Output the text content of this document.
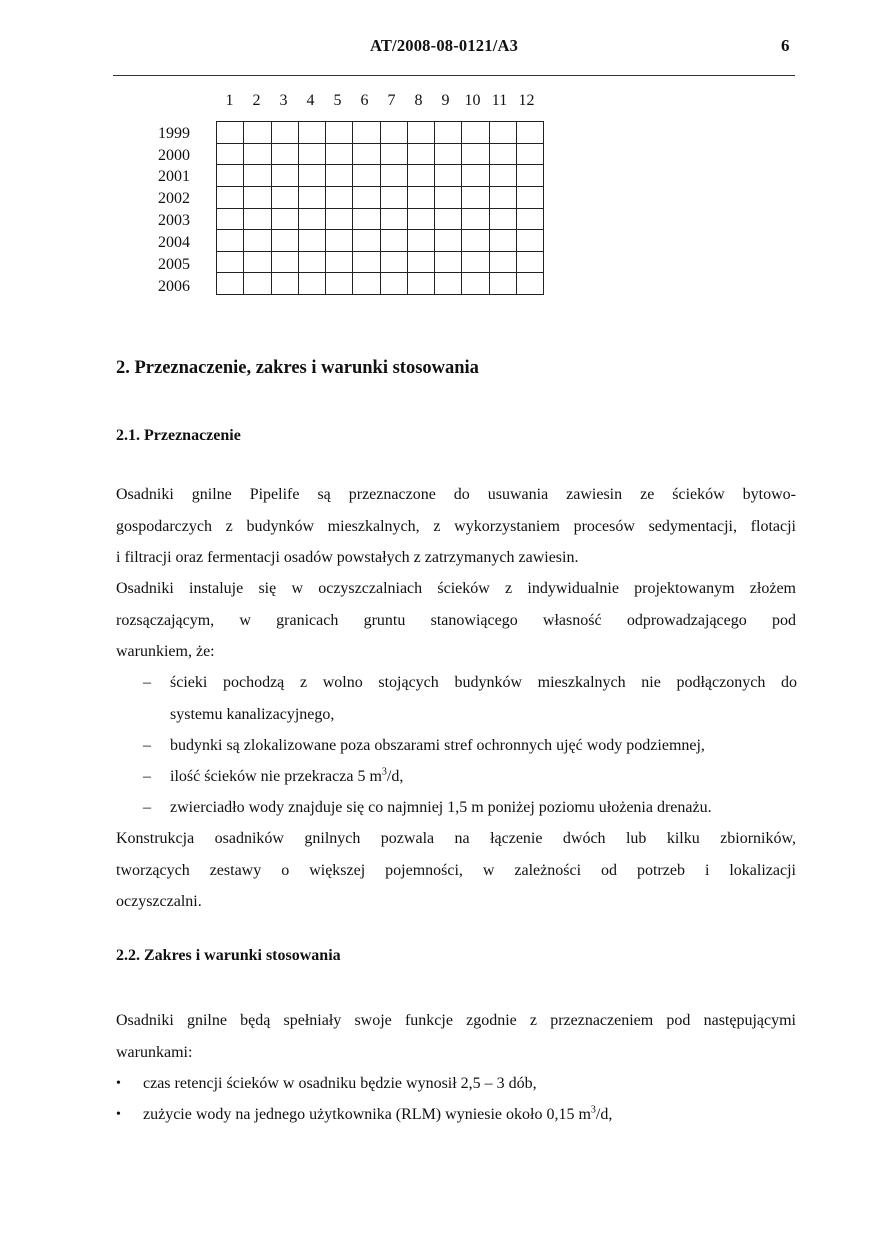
AT/2008-08-0121/A3	6
1	2	3	4	5	6	7	8	9 10 11 12
1999
2000
2001
2002
2003
2004
2005
2006

2. Przeznaczenie, zakres i warunki stosowania
2.1. Przeznaczenie
Osadniki gnilne Pipelife są przeznaczone do usuwania zawiesin ze ścieków bytowo-
gospodarczych z budynków mieszkalnych, z wykorzystaniem procesów sedymentacji, flotacji
i filtracji oraz fermentacji osadów powstałych z zatrzymanych zawiesin.
Osadniki instaluje się w oczyszczalniach ścieków z indywidualnie projektowanym złożem
rozsączającym, w granicach gruntu stanowiącego własność odprowadzającego pod
warunkiem, że:
– ścieki pochodzą z wolno stojących budynków mieszkalnych nie podłączonych do
systemu kanalizacyjnego,
– budynki są zlokalizowane poza obszarami stref ochronnych ujęć wody podziemnej,
– ilość ścieków nie przekracza 5 $m^3/d$,
– zwierciadło wody znajduje się co najmniej 1,5 m poniżej poziomu ułożenia drenażu.
Konstrukcja osadników gnilnych pozwala na łączenie dwóch lub kilku zbiorników,
tworzących zestawy o większej pojemności, w zależności od potrzeb i lokalizacji
oczyszczalni.
2.2. Zakres i warunki stosowania
Osadniki gnilne będą spełniały swoje funkcje zgodnie z przeznaczeniem pod następującymi
warunkami:
• czas retencji ścieków w osadniku będzie wynosił 2,5 – 3 dób,
• zużycie wody na jednego użytkownika (RLM) wyniesie około 0,15 $m^3/d$,
